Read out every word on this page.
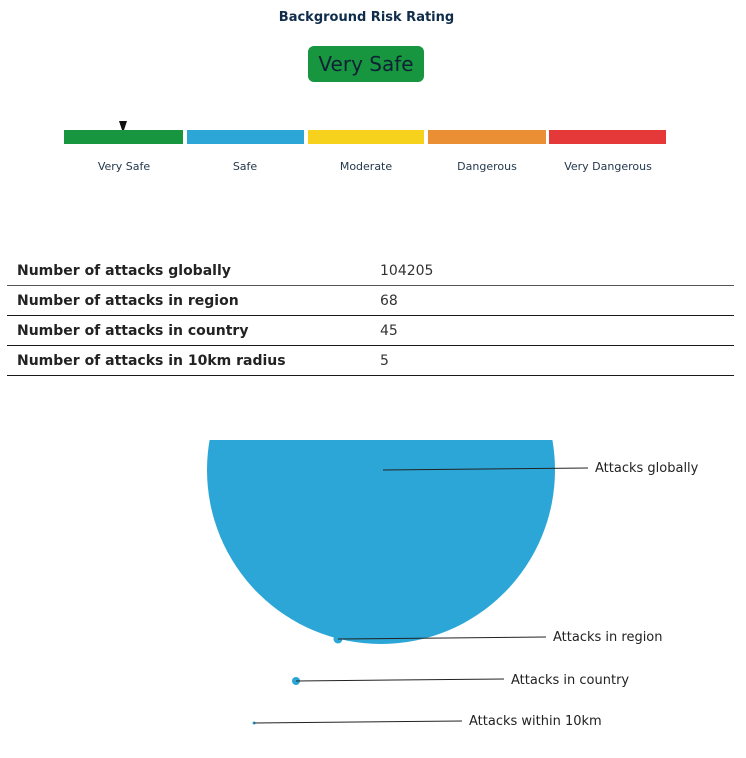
Background Risk Rating
Very Safe
Very Safe	Safe	Moderate	Dangerous	Very Dangerous
Number of attacks globally	104205
Number of attacks in region	68
Number of attacks in country	45
Number of attacks in 10km radius	5
Attacks globally
Attacks in region
Attacks in country
Attacks within 10km
